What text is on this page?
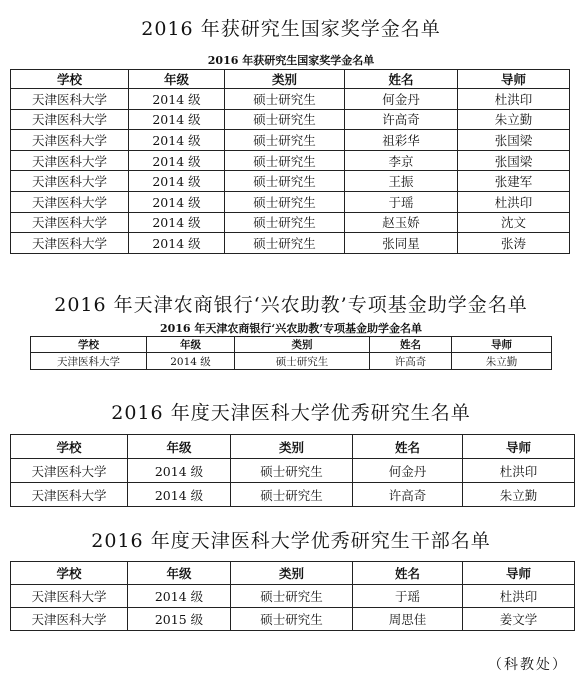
2016 年获研究生国家奖学金名单

2016 年获研究生国家奖学金名单

学校	年级	类别	姓名	导师
天津医科大学	2014 级	硕士研究生	何金丹	杜洪印
天津医科大学	2014 级	硕士研究生	许高奇	朱立勤
天津医科大学	2014 级	硕士研究生	祖彩华	张国梁
天津医科大学	2014 级	硕士研究生	李京	张国梁
天津医科大学	2014 级	硕士研究生	王振	张建军
天津医科大学	2014 级	硕士研究生	于瑶	杜洪印
天津医科大学	2014 级	硕士研究生	赵玉娇	沈文
天津医科大学	2014 级	硕士研究生	张同星	张涛
2016 年天津农商银行‘兴农助教’专项基金助学金名单

2016 年天津农商银行‘兴农助教’专项基金助学金名单

学校	年级	类别	姓名	导师
天津医科大学	2014 级	硕士研究生	许高奇	朱立勤
2016 年度天津医科大学优秀研究生名单
学校	年级	类别	姓名	导师
天津医科大学	2014 级	硕士研究生	何金丹	杜洪印
天津医科大学	2014 级	硕士研究生	许高奇	朱立勤
2016 年度天津医科大学优秀研究生干部名单
学校	年级	类别	姓名	导师
天津医科大学	2014 级	硕士研究生	于瑶	杜洪印
天津医科大学	2015 级	硕士研究生	周思佳	姜文学
（科教处）
